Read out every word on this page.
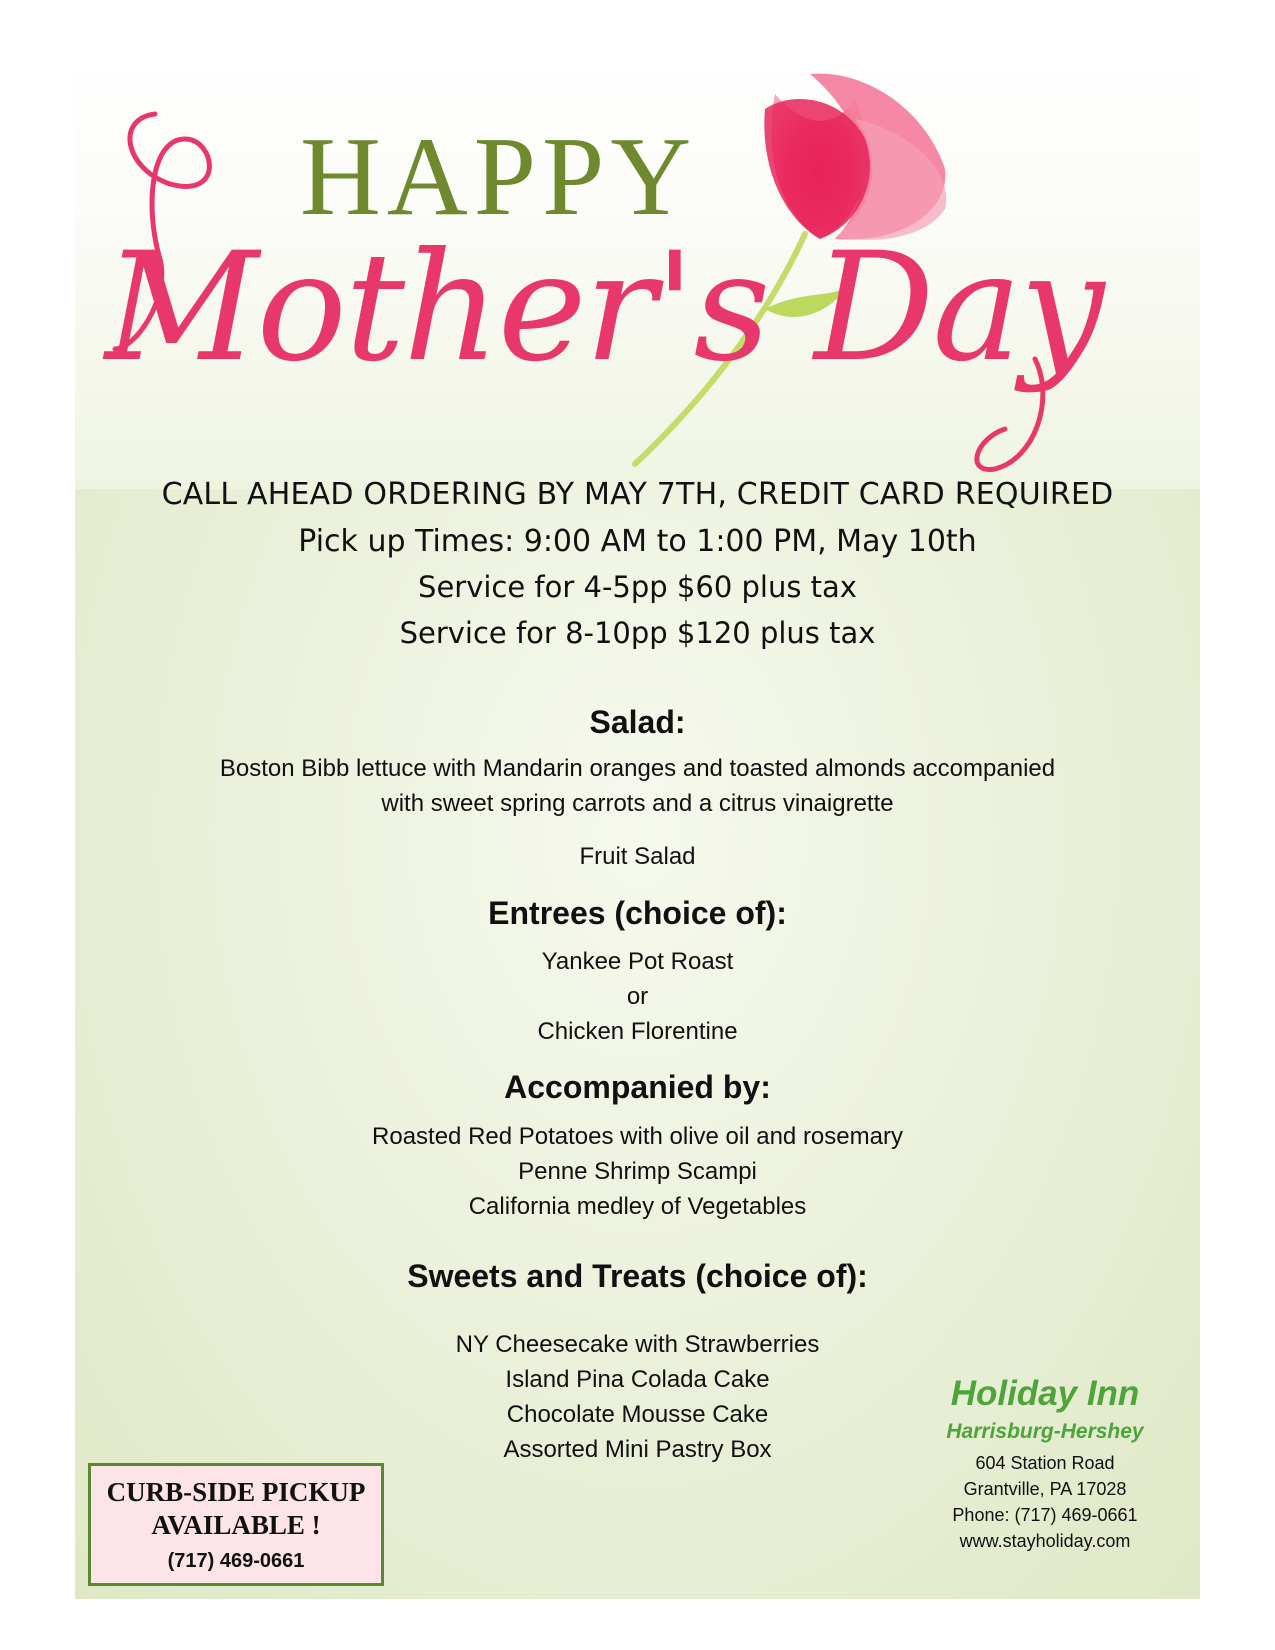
HAPPY
Mother's Day
CALL AHEAD ORDERING BY MAY 7TH, CREDIT CARD REQUIRED
Pick up Times: 9:00 AM to 1:00 PM, May 10th
Service for 4-5pp $60 plus tax
Service for 8-10pp $120 plus tax
Salad:
Boston Bibb lettuce with Mandarin oranges and toasted almonds accompanied
with sweet spring carrots and a citrus vinaigrette
Fruit Salad
Entrees (choice of):
Yankee Pot Roast
or
Chicken Florentine
Accompanied by:
Roasted Red Potatoes with olive oil and rosemary
Penne Shrimp Scampi
California medley of Vegetables
Sweets and Treats (choice of):
NY Cheesecake with Strawberries
Island Pina Colada Cake
Chocolate Mousse Cake
Assorted Mini Pastry Box
Holiday Inn
Harrisburg-Hershey
604 Station Road
Grantville, PA 17028
Phone: (717) 469-0661
www.stayholiday.com
CURB-SIDE PICKUP
AVAILABLE !
(717) 469-0661
